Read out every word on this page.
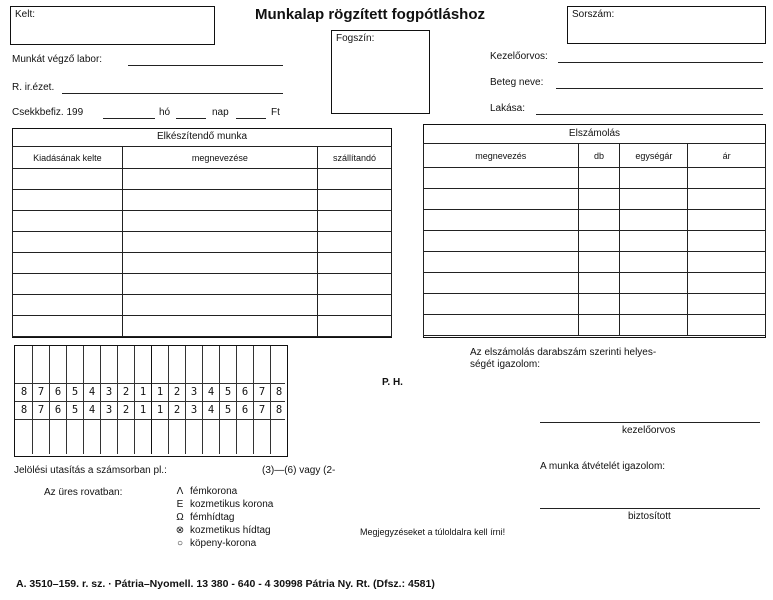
Kelt:	Munkalap rögzített fogpótláshoz	Sorszám:
Fogszín:
Munkát végző labor:
R. ir.ézet.
Csekkbefiz. 199	hó	nap	Ft
Kezelőorvos:
Beteg neve:
Lakása:
Elkészítendő munka
Kiadásának kelte	megnevezése	szállítandó

Elszámolás
megnevezés	db	egységár	ár

8	7	6	5	4	3	2	1	1	2	3	4	5	6	7	8
8	7	6	5	4	3	2	1	1	2	3	4	5	6	7	8
P. H.
Az elszámolás darabszám szerinti helyes-
ségét igazolom:
kezelőorvos
A munka átvételét igazolom:
biztosított
Jelölési utasítás a számsorban pl.:	(3)—(6) vagy (2-
Az üres rovatban:	Λ fémkorona
Ε kozmetikus korona
Ω fémhídtag
⊗ kozmetikus hídtag
○ köpeny-korona
Megjegyzéseket a túloldalra kell írni!
A. 3510–159. r. sz. · Pátria–Nyomell. 13 380 - 640 - 4 30998 Pátria Ny. Rt. (Dfsz.: 4581)
